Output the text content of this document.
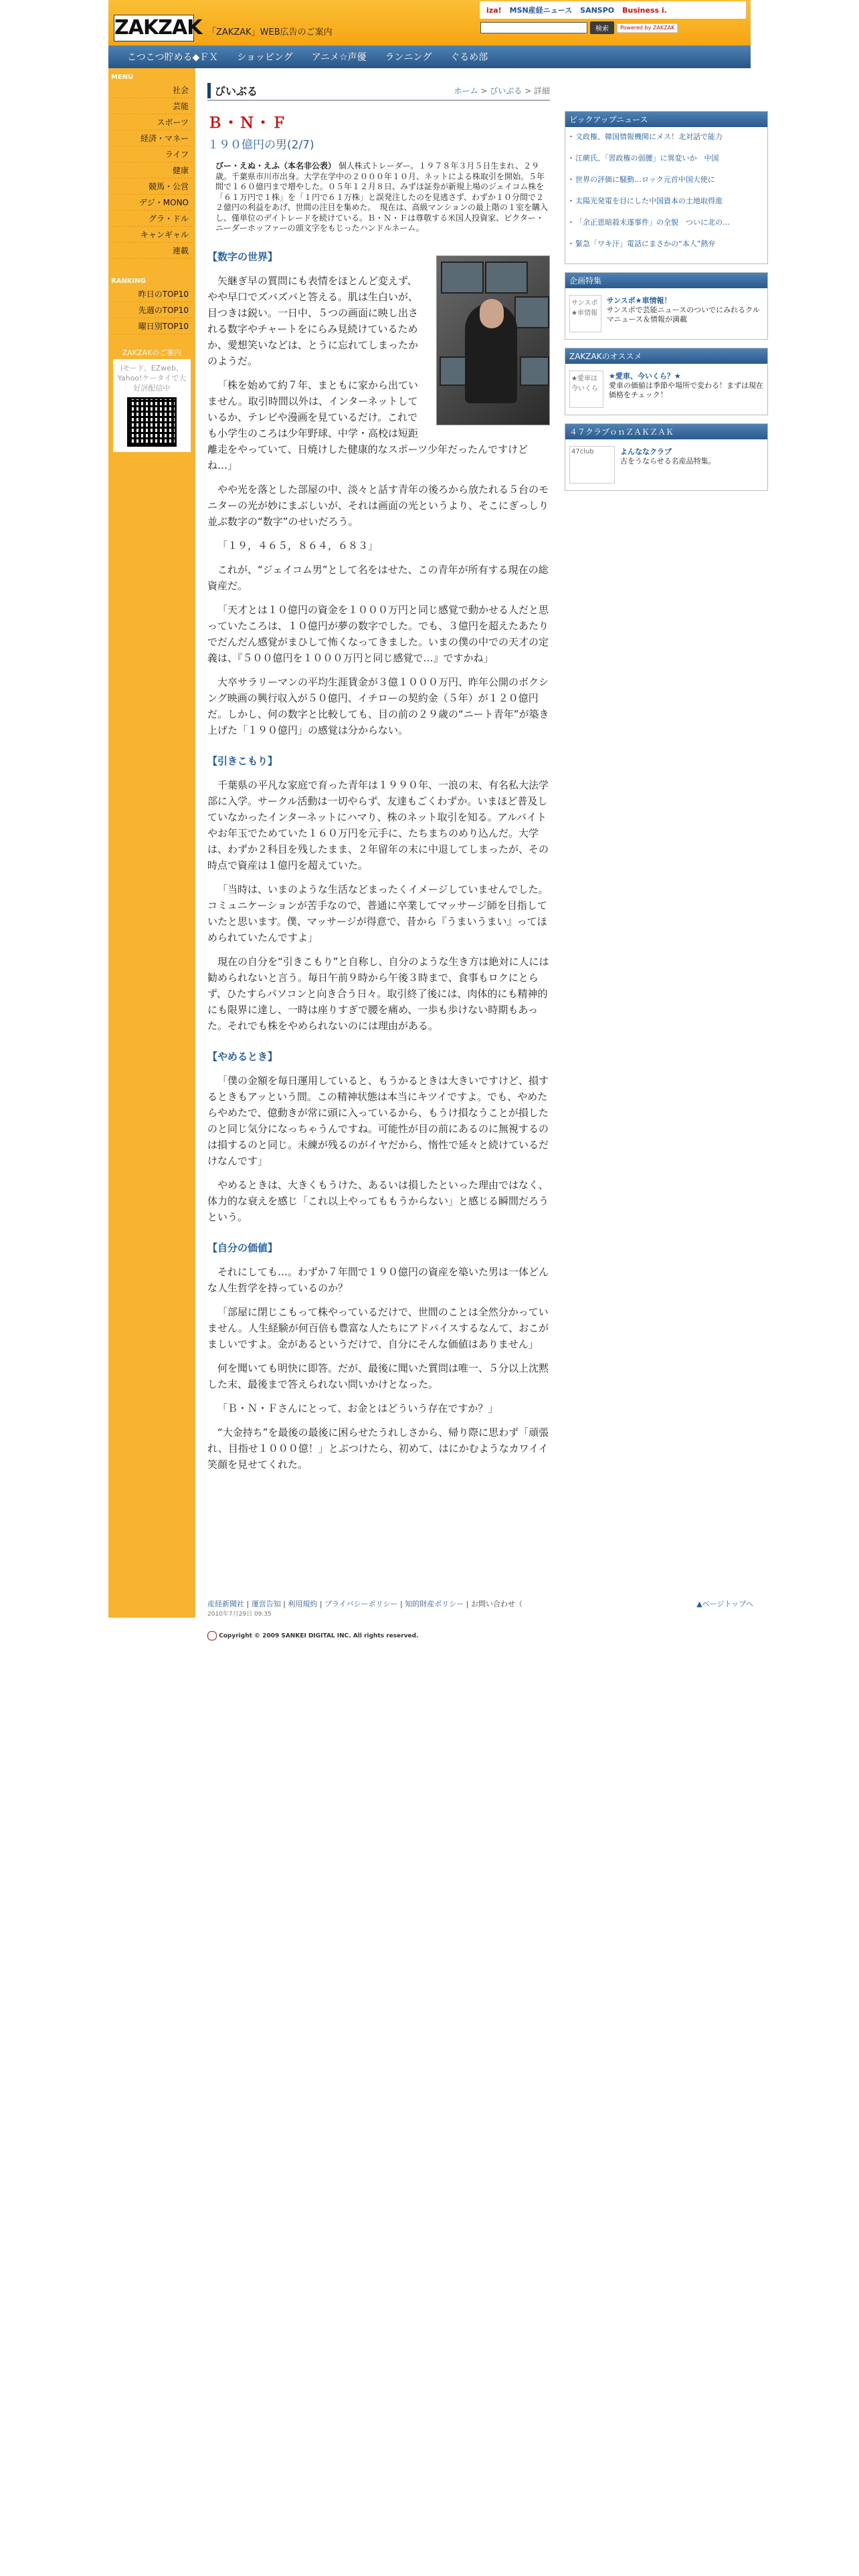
ZAKZAK 「ZAKZAK」WEB広告のご案内
iza! MSN産経ニュース SANSPO Business i.
検索	Powered by ZAKZAK
こつこつ貯める◆ＦＸ ショッピング アニメ☆声優 ランニング ぐるめ部
MENU
社会
芸能
スポーツ
経済・マネー
ライフ
健康
競馬・公営
デジ・MONO
グラ・ドル
キャンギャル
連載
RANKING
昨日のTOP10
先週のTOP10
曜日別TOP10
ZAKZAKのご案内
iモード、EZweb、Yahoo!ケータイで大好評配信中
びいぶる	ホーム > びいぶる > 詳細
Ｂ・Ｎ・Ｆ
１９０億円の男(2/7)
びー・えぬ・えふ（本名非公表） 個人株式トレーダー。１９７８年３月５日生まれ、２９歳。千葉県市川市出身。大学在学中の２０００年１０月、ネットによる株取引を開始。５年間で１６０億円まで増やした。０５年１２月８日、みずほ証券が新規上場のジェイコム株を「６１万円で１株」を「１円で６１万株」と誤発注したのを見逃さず、わずか１０分間で２２億円の利益をあげ、世間の注目を集めた。　現在は、高級マンションの最上階の１室を購入し、僅単位のデイトレードを続けている。Ｂ・Ｎ・Ｆは尊敬する米国人投資家、ピクター・ニーダーホッファーの頭文字をもじったハンドルネーム。
【数字の世界】
矢継ぎ早の質問にも表情をほとんど変えず、やや早口でズバズバと答える。肌は生白いが、目つきは鋭い。一日中、５つの画面に映し出される数字やチャートをにらみ見続けているためか、愛想笑いなどは、とうに忘れてしまったかのようだ。
「株を始めて約７年、まともに家から出ていません。取引時間以外は、インターネットしているか、テレビや漫画を見ているだけ。これでも小学生のころは少年野球、中学・高校は短距離走をやっていて、日焼けした健康的なスポーツ少年だったんですけどね…」
やや光を落とした部屋の中、淡々と話す青年の後ろから放たれる５台のモニターの光が妙にまぶしいが、それは画面の光というより、そこにぎっしり並ぶ数字の“数字”のせいだろう。
「１９，４６５，８６４，６８３」
これが、“ジェイコム男”として名をはせた、この青年が所有する現在の総資産だ。
「天才とは１０億円の資金を１０００万円と同じ感覚で動かせる人だと思っていたころは、１０億円が夢の数字でした。でも、３億円を超えたあたりでだんだん感覚がまひして怖くなってきました。いまの僕の中での天才の定義は、『５００億円を１０００万円と同じ感覚で…』ですかね」
大卒サラリーマンの平均生涯賃金が３億１０００万円、昨年公開のボクシング映画の興行収入が５０億円、イチローの契約金（５年）が１２０億円だ。しかし、何の数字と比較しても、目の前の２９歳の“ニート青年”が築き上げた「１９０億円」の感覚は分からない。
【引きこもり】
千葉県の平凡な家庭で育った青年は１９９０年、一浪の末、有名私大法学部に入学。サークル活動は一切やらず、友達もごくわずか。いまほど普及していなかったインターネットにハマり、株のネット取引を知る。アルバイトやお年玉でためていた１６０万円を元手に、たちまちのめり込んだ。大学は、わずか２科目を残したまま、２年留年の末に中退してしまったが、その時点で資産は１億円を超えていた。
「当時は、いまのような生活などまったくイメージしていませんでした。コミュニケーションが苦手なので、普通に卒業してマッサージ師を目指していたと思います。僕、マッサージが得意で、昔から『うまいうまい』ってほめられていたんですよ」
現在の自分を“引きこもり”と自称し、自分のような生き方は絶対に人には勧められないと言う。毎日午前９時から午後３時まで、食事もロクにとらず、ひたすらパソコンと向き合う日々。取引終了後には、肉体的にも精神的にも限界に達し、一時は座りすぎで腰を痛め、一歩も歩けない時期もあった。それでも株をやめられないのには理由がある。
【やめるとき】
「僕の金額を毎日運用していると、もうかるときは大きいですけど、損するときもアッという間。この精神状態は本当にキツイですよ。でも、やめたらやめたで、億動きが常に頭に入っているから、もうけ損なうことが損したのと同じ気分になっちゃうんですね。可能性が目の前にあるのに無視するのは損するのと同じ。未練が残るのがイヤだから、惰性で延々と続けているだけなんです」
やめるときは、大きくもうけた、あるいは損したといった理由ではなく、体力的な衰えを感じ「これ以上やってももうからない」と感じる瞬間だろうという。
【自分の価値】
それにしても…。わずか７年間で１９０億円の資産を築いた男は一体どんな人生哲学を持っているのか？
「部屋に閉じこもって株やっているだけで、世間のことは全然分かっていません。人生経験が何百倍も豊富な人たちにアドバイスするなんて、おこがましいですよ。金があるというだけで、自分にそんな価値はありません」
何を聞いても明快に即答。だが、最後に聞いた質問は唯一、５分以上沈黙した末、最後まで答えられない問いかけとなった。
「Ｂ・Ｎ・Ｆさんにとって、お金とはどういう存在ですか？」
“大金持ち”を最後の最後に困らせたうれしさから、帰り際に思わず「頑張れ、目指せ１０００億！」とぶつけたら、初めて、はにかむようなカワイイ笑顔を見せてくれた。
ピックアップニュース
・ 文政権、韓国情報機関にメス！北対話で能力
・ 江蕨氏、「習政権の弱腰」に異変いか　中国
・ 世界の評価に騒動…ロック元首中国大使に
・ 太陽光発電を目にした中国資本の土地取得進
・ 「余正恩暗殺未遂事件」の全貌　ついに北の…
・ 緊急「ワキ汗」電話にまさかの“本人”熱弁
企画特集
サンスポ★車情報
サンスポ★車情報！
サンスポで芸能ニュースのついでにみれるクルマニュース＆情報が満載
ZAKZAKのオススメ
★愛車は今いくら
★愛車、今いくら？★
愛車の価値は季節や場所で変わる！まずは現在価格をチェック！
４７クラブｏｎＺＡＫＺＡＫ
47club	よんななクラブ
古をうならせる名産品特集。
産経新聞社 | 運営告知 | 利用規約 | プライバシーポリシー | 知的財産ポリシー | お問い合わせ（
2010年7月29日 09:35
▲ページトップへ
Copyright © 2009 SANKEI DIGITAL INC. All rights reserved.
